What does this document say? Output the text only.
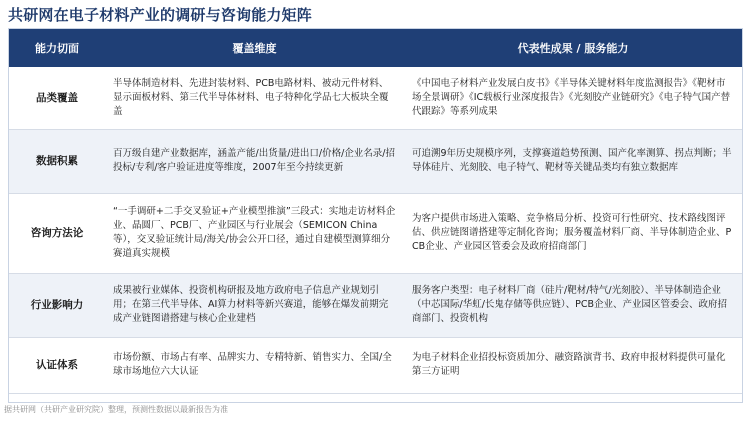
共研网在电子材料产业的调研与咨询能力矩阵
能力切面	覆盖维度	代表性成果 / 服务能力
品类覆盖	半导体制造材料、先进封装材料、PCB电路材料、被动元件材料、显示面板材料、第三代半导体材料、电子特种化学品七大板块全覆盖	《中国电子材料产业发展白皮书》《半导体关键材料年度监测报告》《靶材市场全景调研》《IC载板行业深度报告》《光刻胶产业链研究》《电子特气国产替代跟踪》等系列成果
数据积累	百万级自建产业数据库，涵盖产能/出货量/进出口/价格/企业名录/招投标/专利/客户验证进度等维度，2007年至今持续更新	可追溯9年历史规模序列，支撑赛道趋势预测、国产化率测算、拐点判断；半导体硅片、光刻胶、电子特气、靶材等关键品类均有独立数据库
咨询方法论	“一手调研+二手交叉验证+产业模型推演”三段式：实地走访材料企业、晶圆厂、PCB厂、产业园区与行业展会（SEMICON China等），交叉验证统计局/海关/协会公开口径，通过自建模型测算细分赛道真实规模	为客户提供市场进入策略、竞争格局分析、投资可行性研究、技术路线图评估、供应链图谱搭建等定制化咨询；服务覆盖材料厂商、半导体制造企业、PCB企业、产业园区管委会及政府招商部门
行业影响力	成果被行业媒体、投资机构研报及地方政府电子信息产业规划引用；在第三代半导体、AI算力材料等新兴赛道，能够在爆发前期完成产业链图谱搭建与核心企业建档	服务客户类型：电子材料厂商（硅片/靶材/特气/光刻胶）、半导体制造企业（中芯国际/华虹/长鬼存储等供应链）、PCB企业、产业园区管委会、政府招商部门、投资机构
认证体系	市场份额、市场占有率、品牌实力、专精特新、销售实力、全国/全球市场地位六大认证	为电子材料企业招投标资质加分、融资路演背书、政府申报材料提供可量化第三方证明
据共研网（共研产业研究院）整理，预测性数据以最新报告为准
